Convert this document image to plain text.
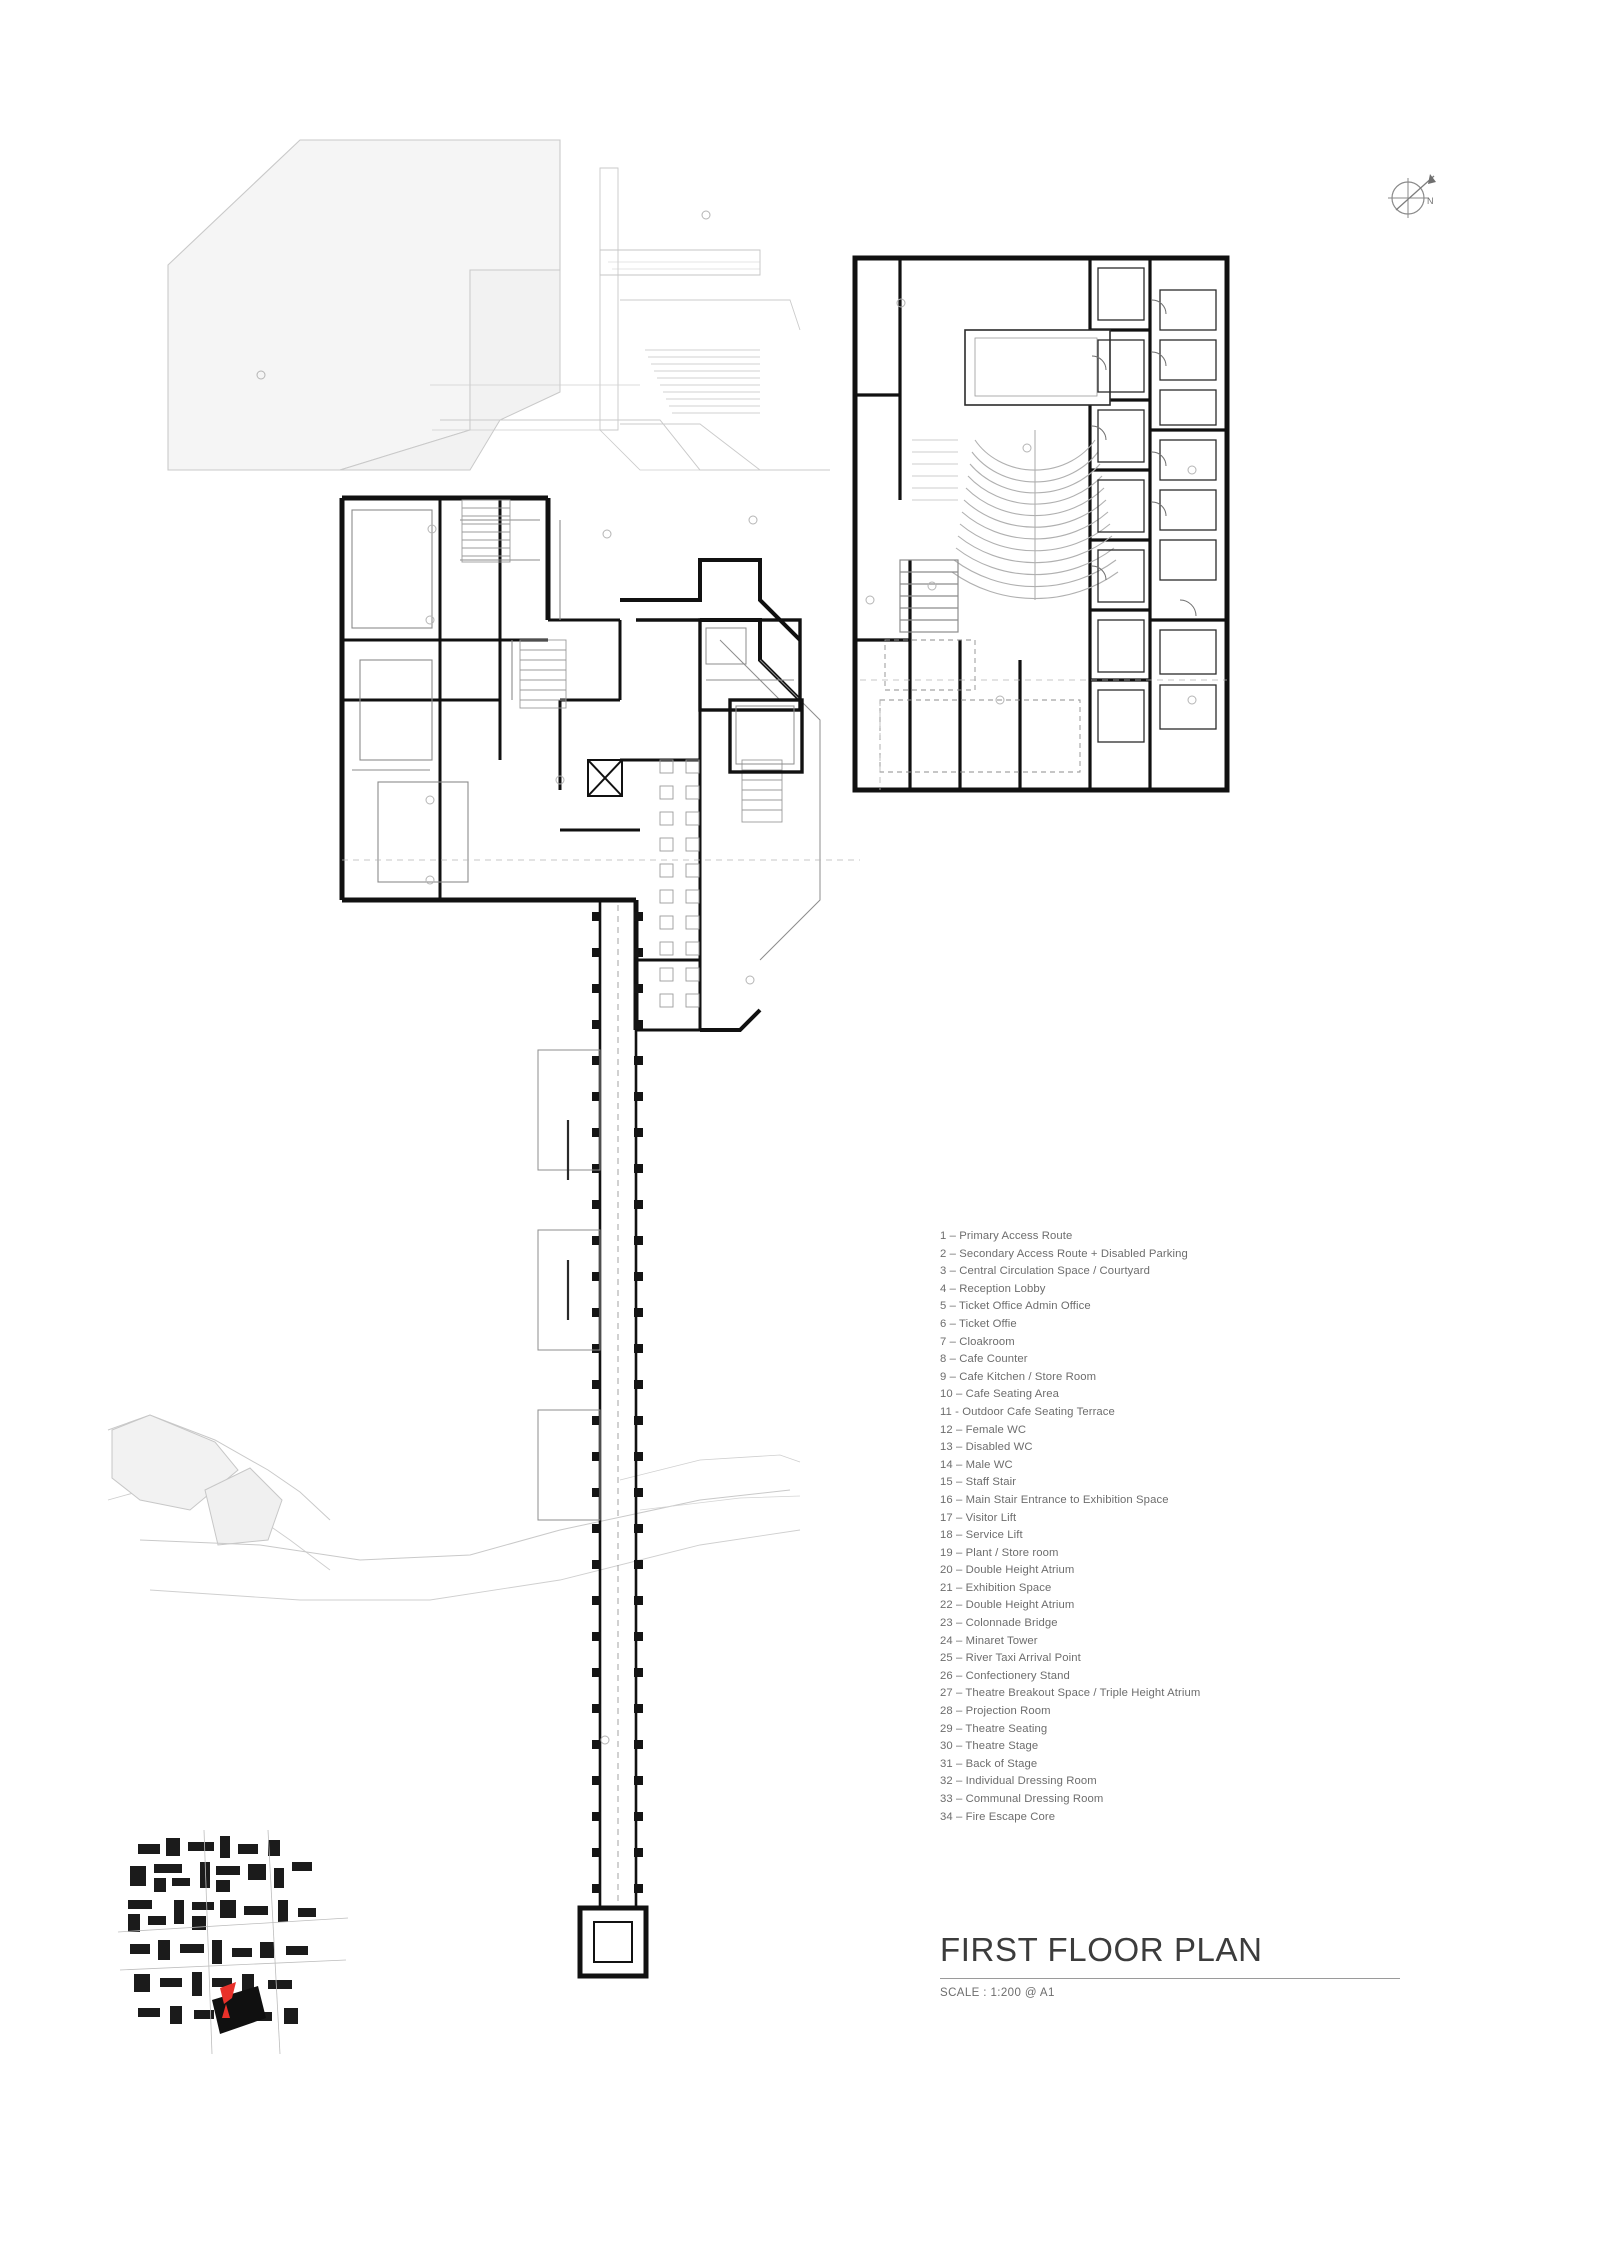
N
1 – Primary Access Route
2 – Secondary Access Route + Disabled Parking
3 – Central Circulation Space / Courtyard
4 – Reception Lobby
5 – Ticket Office Admin Office
6 – Ticket Offie
7 – Cloakroom
8 – Cafe Counter
9 – Cafe Kitchen / Store Room
10 – Cafe Seating Area
11 - Outdoor Cafe Seating Terrace
12 – Female WC
13 – Disabled WC
14 – Male WC
15 – Staff Stair
16 – Main Stair Entrance to Exhibition Space
17 – Visitor Lift
18 – Service Lift
19 – Plant / Store room
20 – Double Height Atrium
21 – Exhibition Space
22 – Double Height Atrium
23 – Colonnade Bridge
24 – Minaret Tower
25 – River Taxi Arrival Point
26 – Confectionery Stand
27 – Theatre Breakout Space / Triple Height Atrium
28 – Projection Room
29 – Theatre Seating
30 – Theatre Stage
31 – Back of Stage
32 – Individual Dressing Room
33 – Communal Dressing Room
34 – Fire Escape Core
FIRST FLOOR PLAN
SCALE : 1:200 @ A1
